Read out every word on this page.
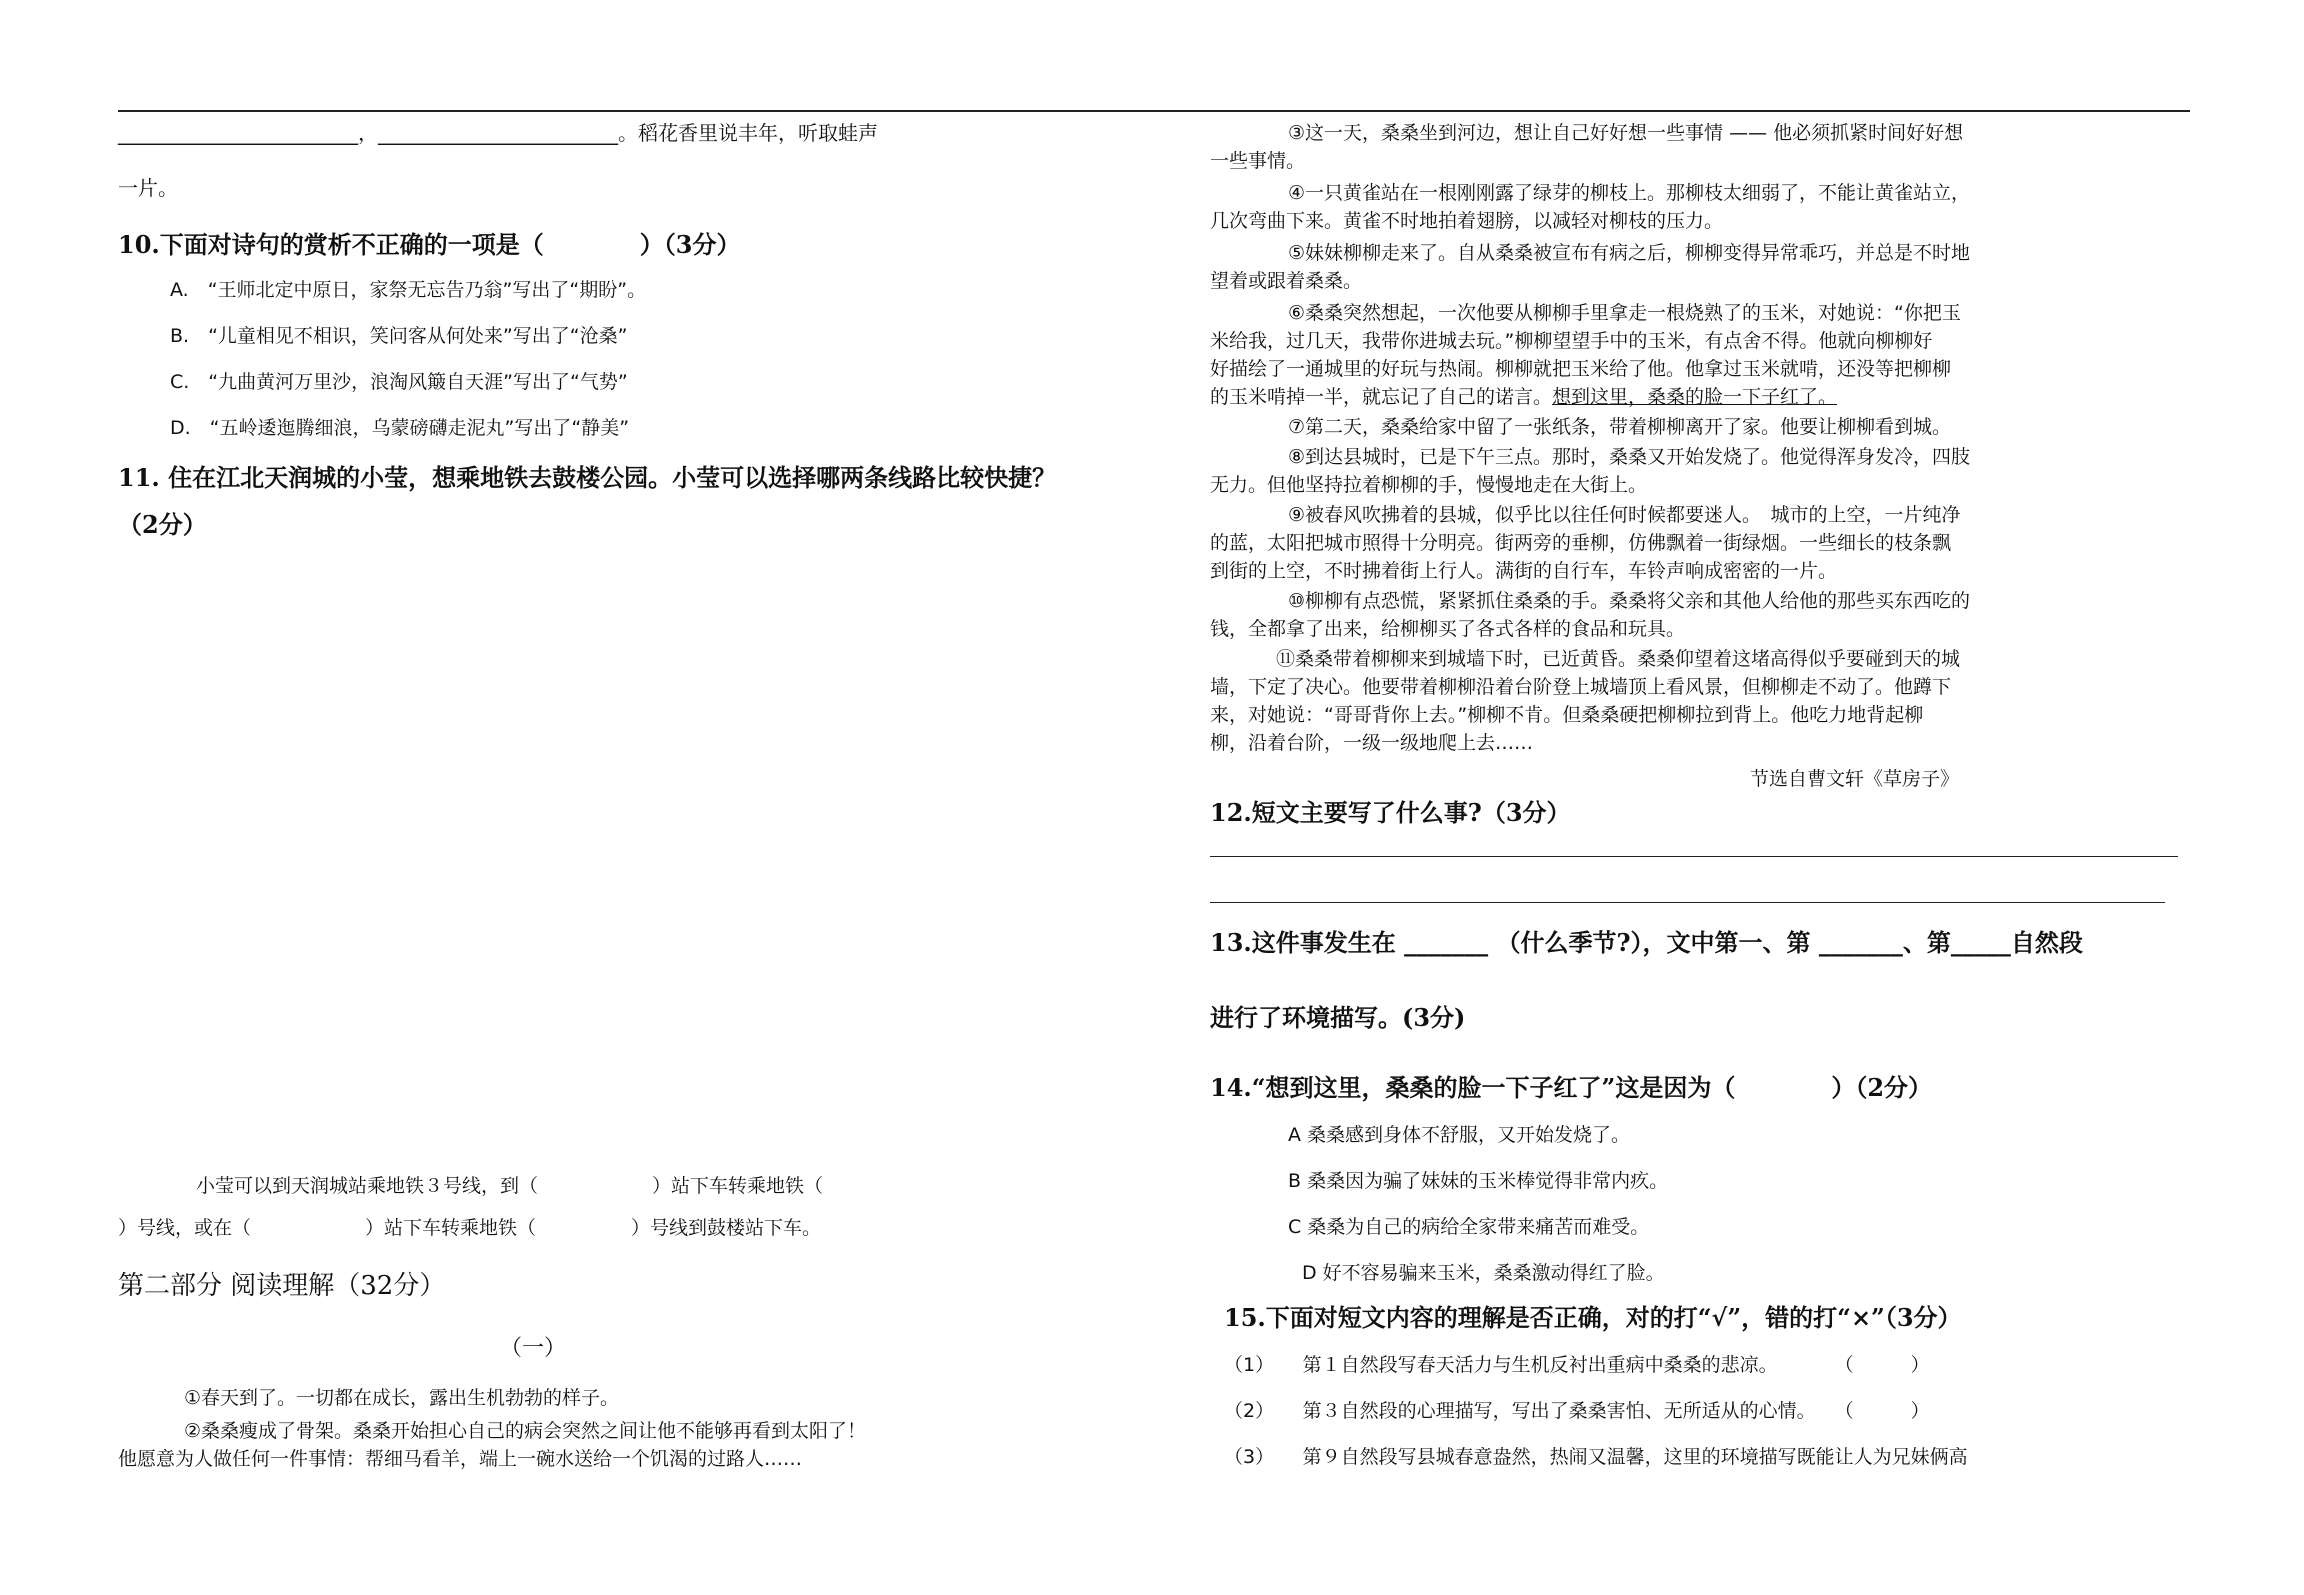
________________________，________________________。稻花香里说丰年，听取蛙声
一片。
10.下面对诗句的赏析不正确的一项是（　　　　）（3分）
A.　“王师北定中原日，家祭无忘告乃翁”写出了“期盼”。
B.　“儿童相见不相识，笑问客从何处来”写出了“沧桑”
C.　“九曲黄河万里沙，浪淘风簸自天涯”写出了“气势”
D.　“五岭逶迤腾细浪，乌蒙磅礴走泥丸”写出了“静美”
11. 住在江北天润城的小莹，想乘地铁去鼓楼公园。小莹可以选择哪两条线路比较快捷？
（2分）
小莹可以到天润城站乘地铁３号线，到（　　　　　　）站下车转乘地铁（
）号线，或在（　　　　　　）站下车转乘地铁（　　　　　）号线到鼓楼站下车。
第二部分 阅读理解（32分）
（一）
①春天到了。一切都在成长，露出生机勃勃的样子。
②桑桑瘦成了骨架。桑桑开始担心自己的病会突然之间让他不能够再看到太阳了！
他愿意为人做任何一件事情：帮细马看羊，端上一碗水送给一个饥渴的过路人……
③这一天，桑桑坐到河边，想让自己好好想一些事情 —— 他必须抓紧时间好好想
一些事情。
④一只黄雀站在一根刚刚露了绿芽的柳枝上。那柳枝太细弱了，不能让黄雀站立，
几次弯曲下来。黄雀不时地拍着翅膀，以减轻对柳枝的压力。
⑤妹妹柳柳走来了。自从桑桑被宣布有病之后，柳柳变得异常乖巧，并总是不时地
望着或跟着桑桑。
⑥桑桑突然想起，一次他要从柳柳手里拿走一根烧熟了的玉米，对她说：“你把玉
米给我，过几天，我带你进城去玩。”柳柳望望手中的玉米，有点舍不得。他就向柳柳好
好描绘了一通城里的好玩与热闹。柳柳就把玉米给了他。他拿过玉米就啃，还没等把柳柳
的玉米啃掉一半，就忘记了自己的诺言。想到这里，桑桑的脸一下子红了。
⑦第二天，桑桑给家中留了一张纸条，带着柳柳离开了家。他要让柳柳看到城。
⑧到达县城时，已是下午三点。那时，桑桑又开始发烧了。他觉得浑身发冷，四肢
无力。但他坚持拉着柳柳的手，慢慢地走在大街上。
⑨被春风吹拂着的县城，似乎比以往任何时候都要迷人。　城市的上空，一片纯净
的蓝，太阳把城市照得十分明亮。街两旁的垂柳，仿佛飘着一街绿烟。一些细长的枝条飘
到街的上空，不时拂着街上行人。满街的自行车，车铃声响成密密的一片。
⑩柳柳有点恐慌，紧紧抓住桑桑的手。桑桑将父亲和其他人给他的那些买东西吃的
钱，全都拿了出来，给柳柳买了各式各样的食品和玩具。
⑪桑桑带着柳柳来到城墙下时，已近黄昏。桑桑仰望着这堵高得似乎要碰到天的城
墙，下定了决心。他要带着柳柳沿着台阶登上城墙顶上看风景，但柳柳走不动了。他蹲下
来，对她说：“哥哥背你上去。”柳柳不肯。但桑桑硬把柳柳拉到背上。他吃力地背起柳
柳，沿着台阶，一级一级地爬上去……
节选自曹文轩《草房子》
12.短文主要写了什么事?（3分）
13.这件事发生在 _______ （什么季节?），文中第一、第 _______、第_____自然段
进行了环境描写。(3分)
14.“想到这里，桑桑的脸一下子红了”这是因为（　　　　）（2分）
A 桑桑感到身体不舒服，又开始发烧了。
B 桑桑因为骗了妹妹的玉米棒觉得非常内疚。
C 桑桑为自己的病给全家带来痛苦而难受。
D 好不容易骗来玉米，桑桑激动得红了脸。
15.下面对短文内容的理解是否正确，对的打“√”，错的打“×”（3分）
（1）　　第１自然段写春天活力与生机反衬出重病中桑桑的悲凉。　　　　（　　　）
（2）　　第３自然段的心理描写，写出了桑桑害怕、无所适从的心情。　　（　　　）
（3）　　第９自然段写县城春意盎然，热闹又温馨，这里的环境描写既能让人为兄妹俩高
